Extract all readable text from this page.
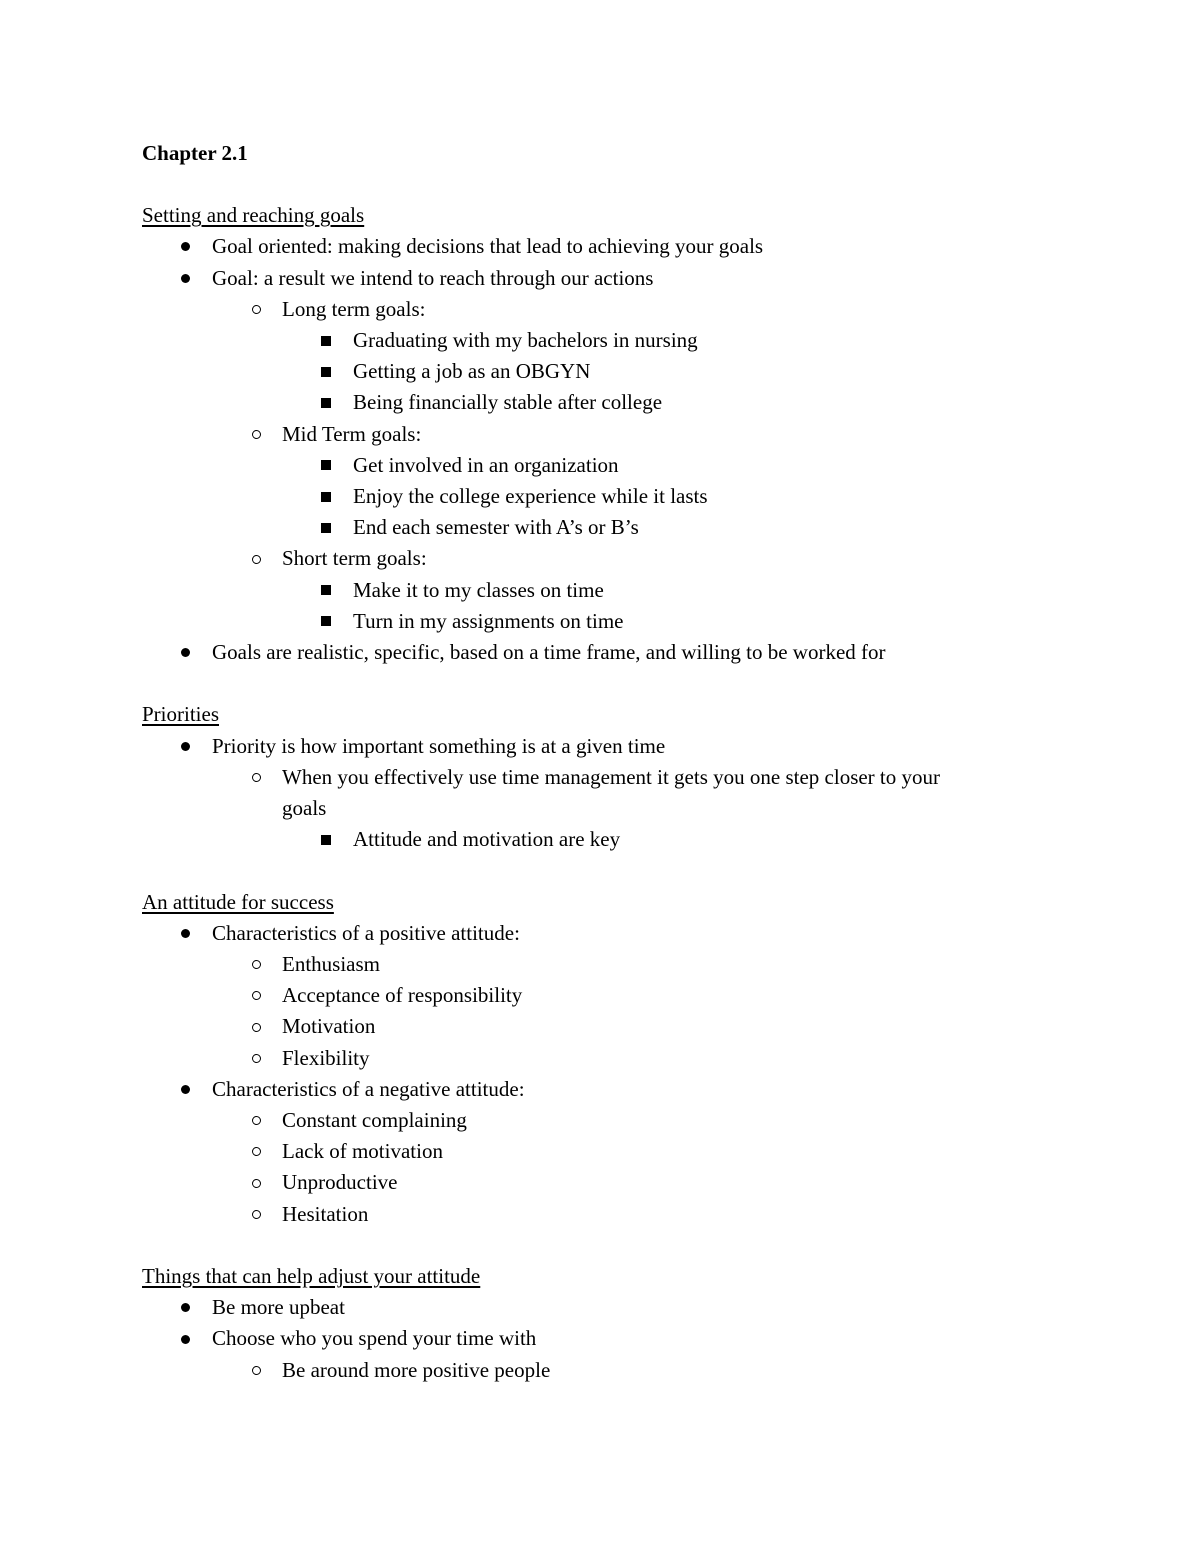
Chapter 2.1
Setting and reaching goals
Goal oriented: making decisions that lead to achieving your goals
Goal: a result we intend to reach through our actions
Long term goals:
Graduating with my bachelors in nursing
Getting a job as an OBGYN
Being financially stable after college
Mid Term goals:
Get involved in an organization
Enjoy the college experience while it lasts
End each semester with A’s or B’s
Short term goals:
Make it to my classes on time
Turn in my assignments on time
Goals are realistic, specific, based on a time frame, and willing to be worked for
Priorities
Priority is how important something is at a given time
When you effectively use time management it gets you one step closer to your
goals
Attitude and motivation are key
An attitude for success
Characteristics of a positive attitude:
Enthusiasm
Acceptance of responsibility
Motivation
Flexibility
Characteristics of a negative attitude:
Constant complaining
Lack of motivation
Unproductive
Hesitation
Things that can help adjust your attitude
Be more upbeat
Choose who you spend your time with
Be around more positive people
